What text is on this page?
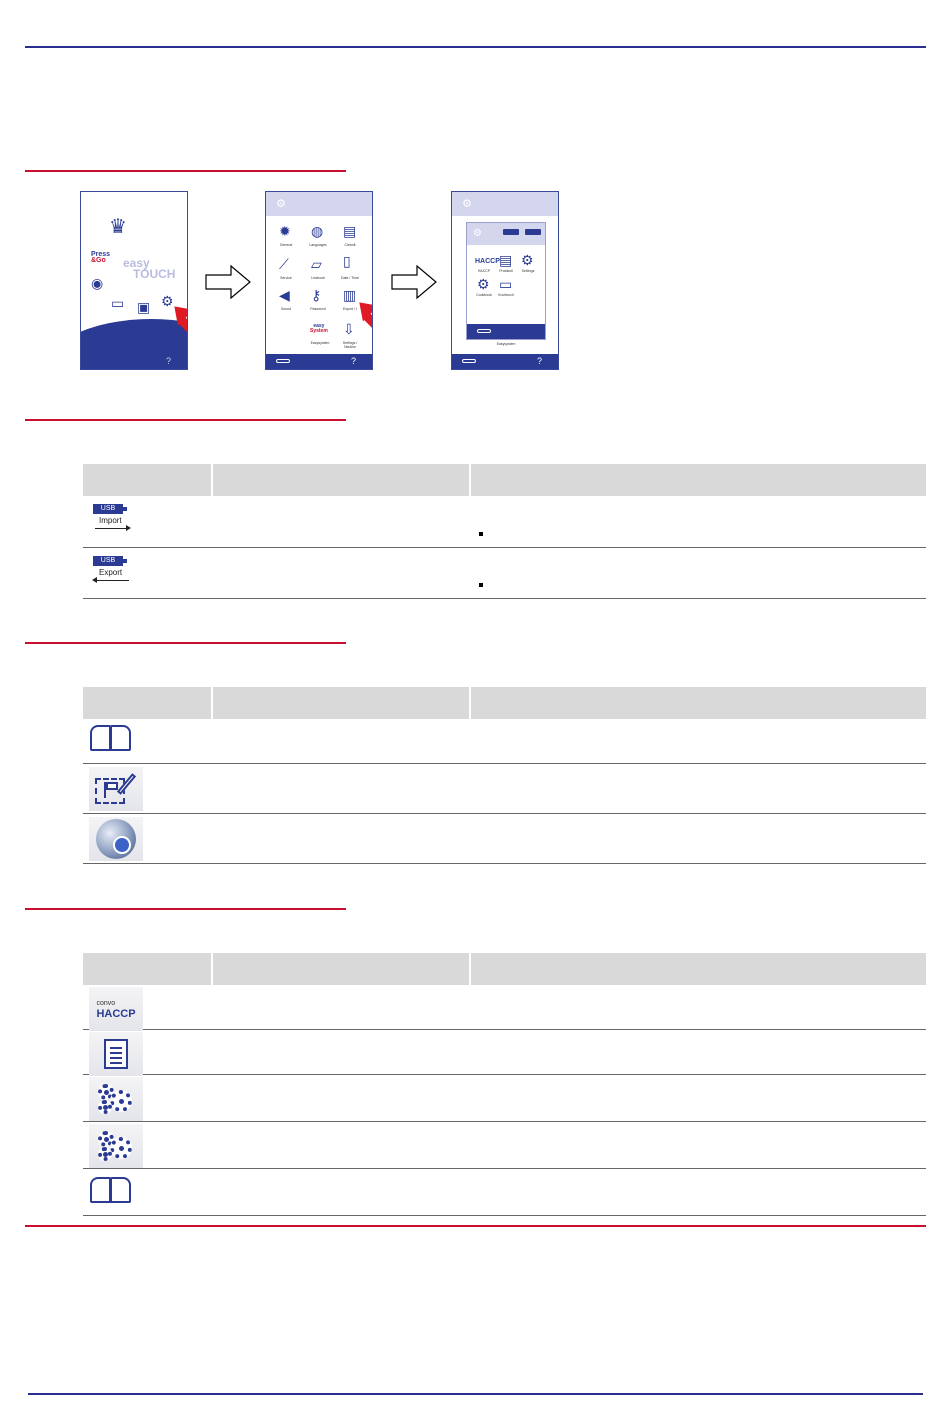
♛
Press
&Go	easy
TOUCH
◉
▭ ▣ ⚙
?
⚙
✹
General
◍
Languages
▤
Cleanlt
⟋
Service
▱
Leabook
▯
Date / Time
◀
Sound
⚷
Password
▥
Export / I
easy
System
Easysystem
⇩
Settings / Neuline
?
⚙
⚙
HACCP
HACCP
▤
Protokoll
⚙
Settings
⚙
Cookbook
▭
Kochbuch
Easysystem
?
USB
Import
USB
Export
convo
HACCP
